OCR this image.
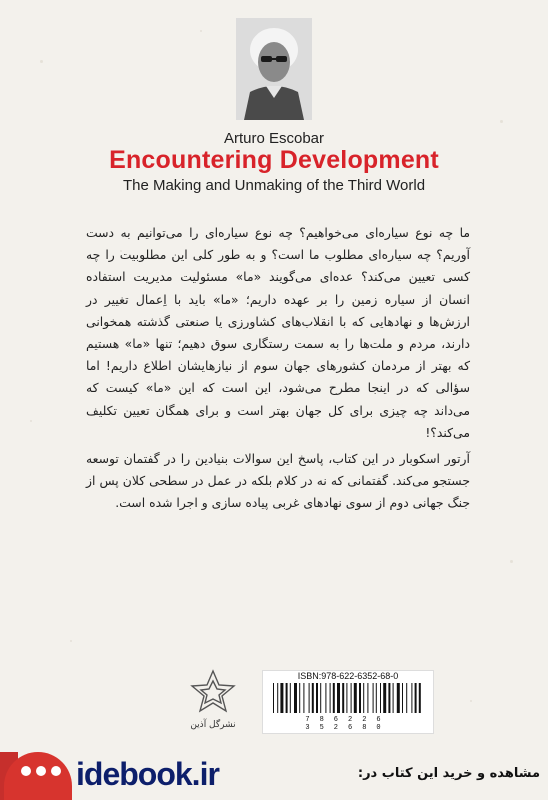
Arturo Escobar
Encountering Development
The Making and Unmaking of the Third World

ما چه نوع سیاره‌ای می‌خواهیم؟ چه نوع سیاره‌ای را می‌توانیم به دست آوریم؟ چه سیاره‌ای مطلوب ما است؟ و به طور کلی این مطلوبیت را چه کسی تعیین می‌کند؟ عده‌ای می‌گویند «ما» مسئولیت مدیریت استفاده انسان از سیاره زمین را بر عهده داریم؛ «ما» باید با اِعمال تغییر در ارزش‌ها و نهادهایی که با انقلاب‌های کشاورزی یا صنعتی گذشته همخوانی دارند، مردم و ملت‌ها را به سمت رستگاری سوق دهیم؛ تنها «ما» هستیم که بهتر از مردمان کشورهای جهان سوم از نیازهایشان اطلاع داریم! اما سؤالی که در اینجا مطرح می‌شود، این است که این «ما» کیست که می‌داند چه چیزی برای کل جهان بهتر است و برای همگان تعیین تکلیف می‌کند؟!

آرتور اسکوبار در این کتاب، پاسخ این سوالات بنیادین را در گفتمان توسعه جستجو می‌کند. گفتمانی که نه در کلام بلکه در عمل در سطحی کلان پس از جنگ جهانی دوم از سوی نهادهای غربی پیاده سازی و اجرا شده است.

نشرگل آذین
ISBN:978-622-6352-68-0
786226 352680
idebook.ir	مشاهده و خرید این کتاب در:
